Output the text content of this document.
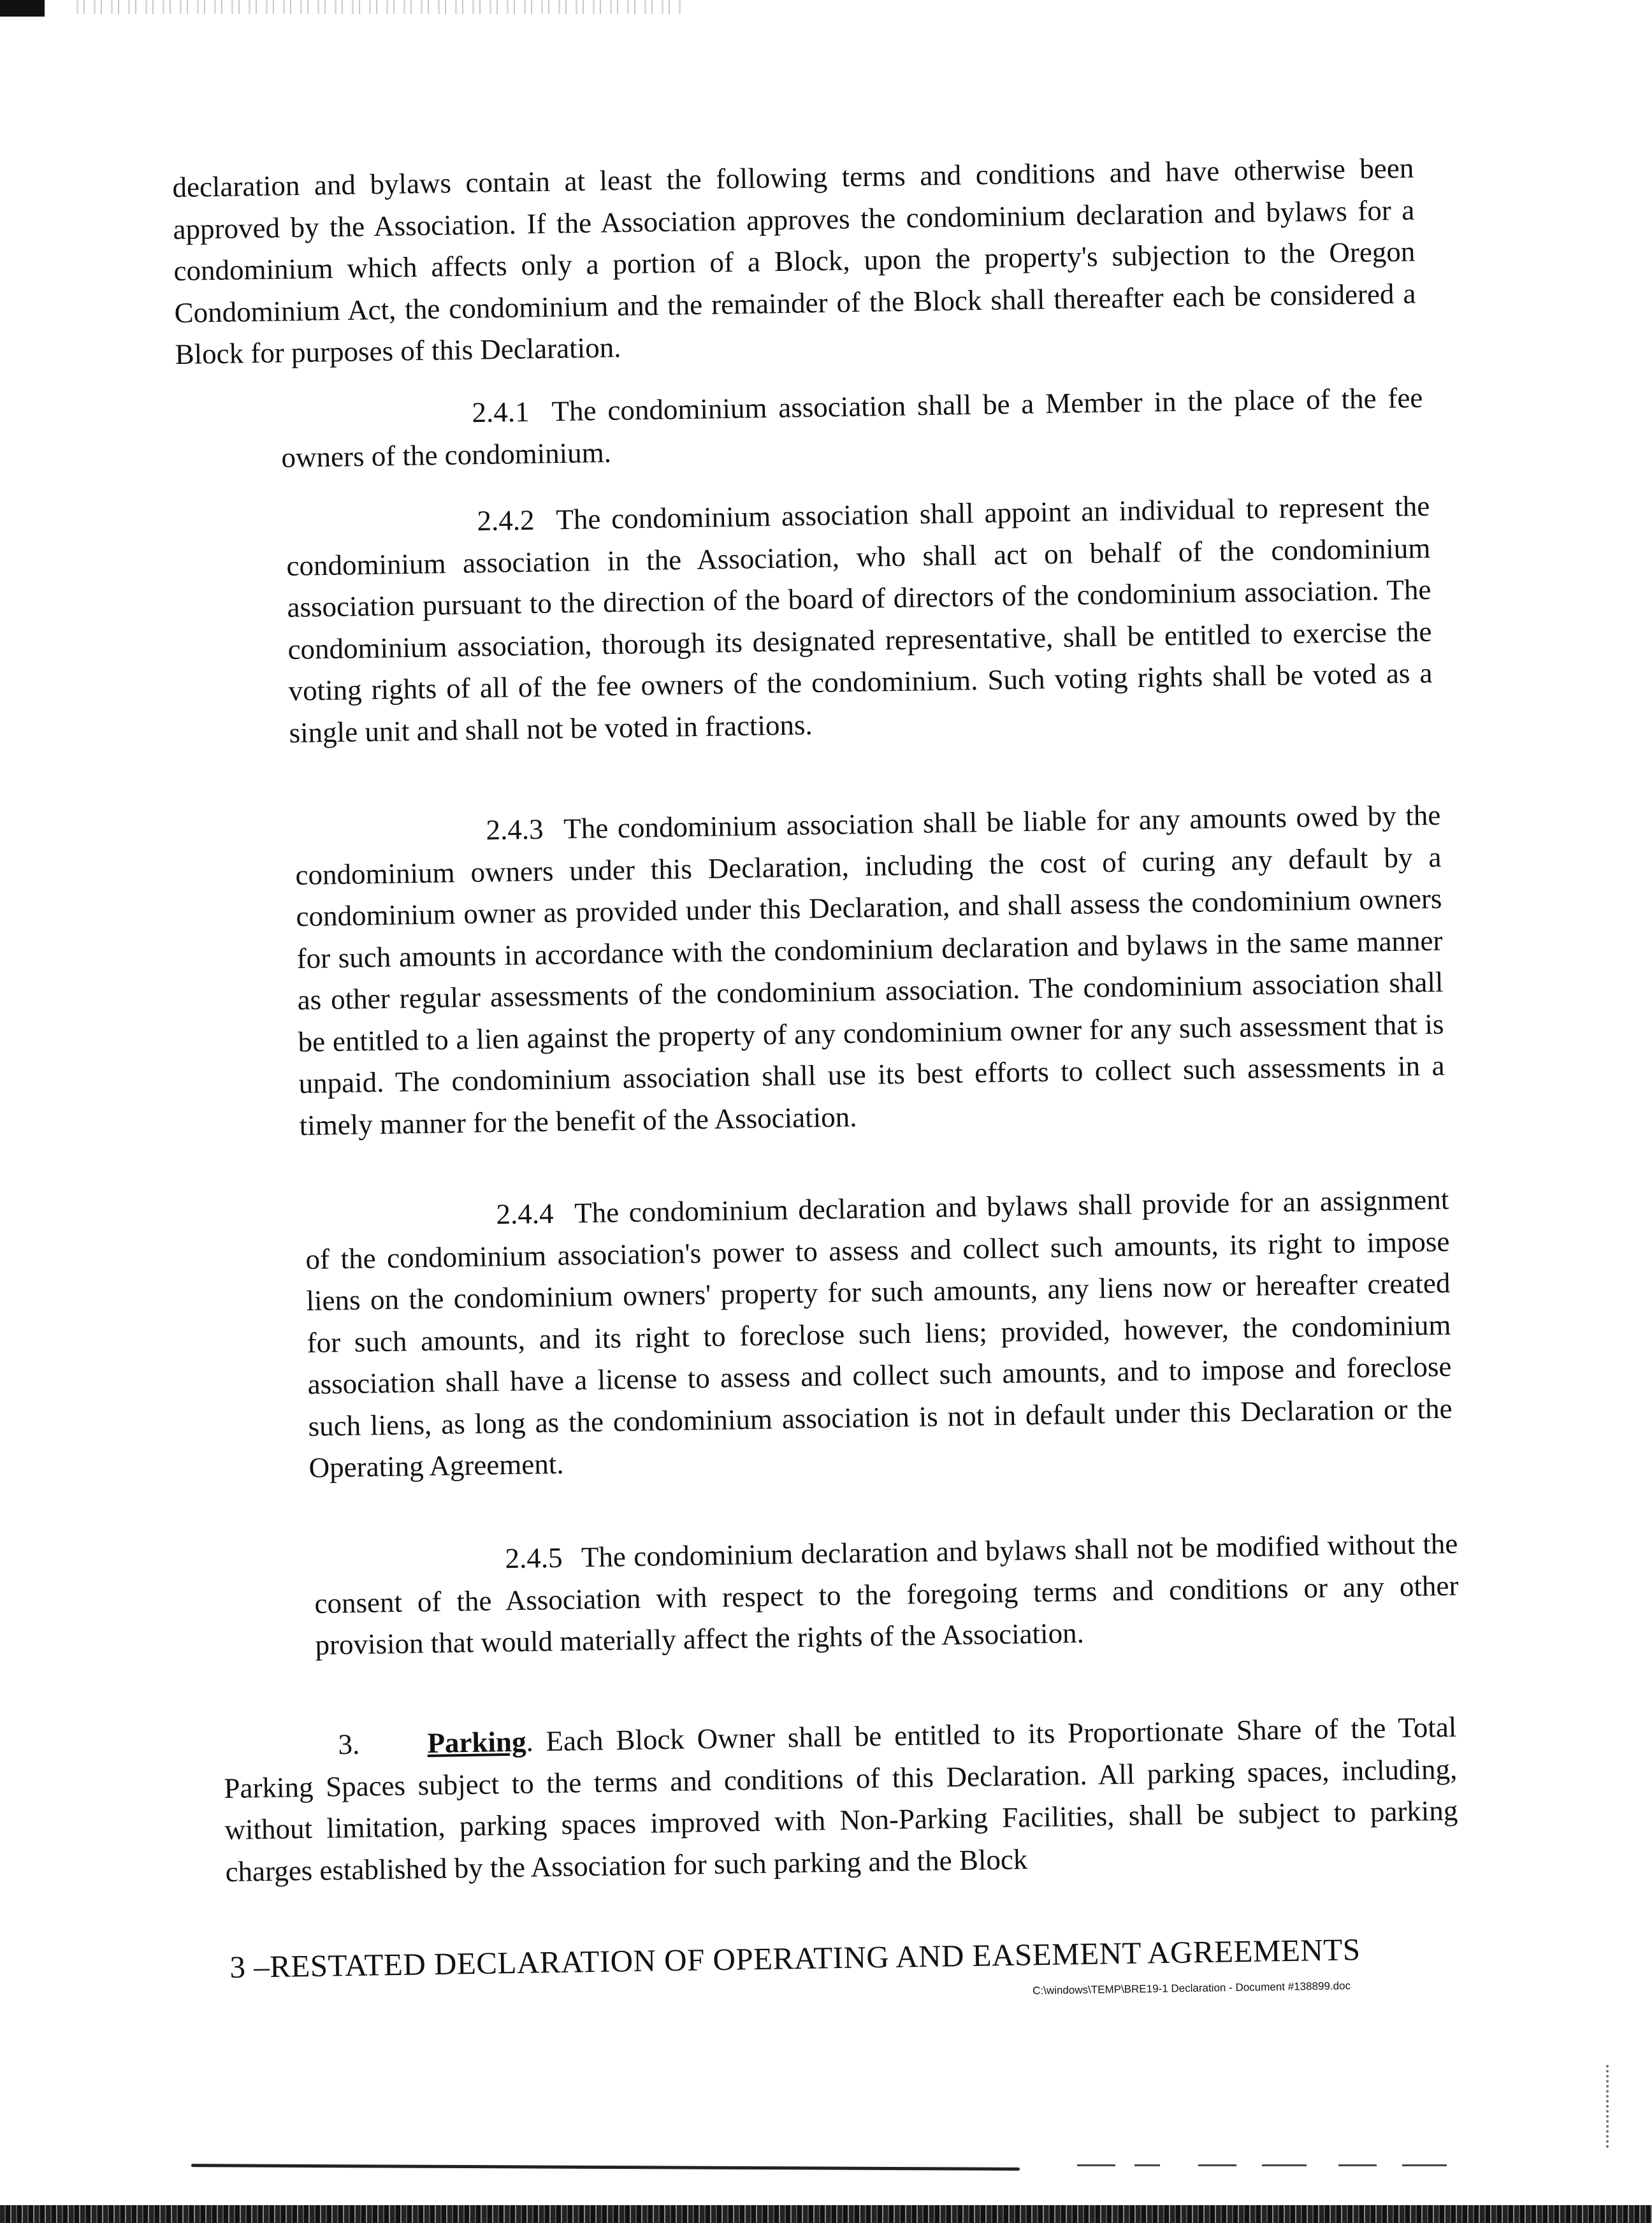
declaration and bylaws contain at least the following terms and conditions and have otherwise been approved by the Association. If the Association approves the condominium declaration and bylaws for a condominium which affects only a portion of a Block, upon the property's subjection to the Oregon Condominium Act, the condominium and the remainder of the Block shall thereafter each be considered a Block for purposes of this Declaration.
2.4.1 The condominium association shall be a Member in the place of the fee owners of the condominium.
2.4.2 The condominium association shall appoint an individual to represent the condominium association in the Association, who shall act on behalf of the condominium association pursuant to the direction of the board of directors of the condominium association. The condominium association, thorough its designated representative, shall be entitled to exercise the voting rights of all of the fee owners of the condominium. Such voting rights shall be voted as a single unit and shall not be voted in fractions.
2.4.3 The condominium association shall be liable for any amounts owed by the condominium owners under this Declaration, including the cost of curing any default by a condominium owner as provided under this Declaration, and shall assess the condominium owners for such amounts in accordance with the condominium declaration and bylaws in the same manner as other regular assessments of the condominium association. The condominium association shall be entitled to a lien against the property of any condominium owner for any such assessment that is unpaid. The condominium association shall use its best efforts to collect such assessments in a timely manner for the benefit of the Association.
2.4.4 The condominium declaration and bylaws shall provide for an assignment of the condominium association's power to assess and collect such amounts, its right to impose liens on the condominium owners' property for such amounts, any liens now or hereafter created for such amounts, and its right to foreclose such liens; provided, however, the condominium association shall have a license to assess and collect such amounts, and to impose and foreclose such liens, as long as the condominium association is not in default under this Declaration or the Operating Agreement.
2.4.5 The condominium declaration and bylaws shall not be modified without the consent of the Association with respect to the foregoing terms and conditions or any other provision that would materially affect the rights of the Association.
3. Parking. Each Block Owner shall be entitled to its Proportionate Share of the Total Parking Spaces subject to the terms and conditions of this Declaration. All parking spaces, including, without limitation, parking spaces improved with Non-Parking Facilities, shall be subject to parking charges established by the Association for such parking and the Block
3 –RESTATED DECLARATION OF OPERATING AND EASEMENT AGREEMENTS
C:\windows\TEMP\BRE19-1 Declaration - Document #138899.doc
